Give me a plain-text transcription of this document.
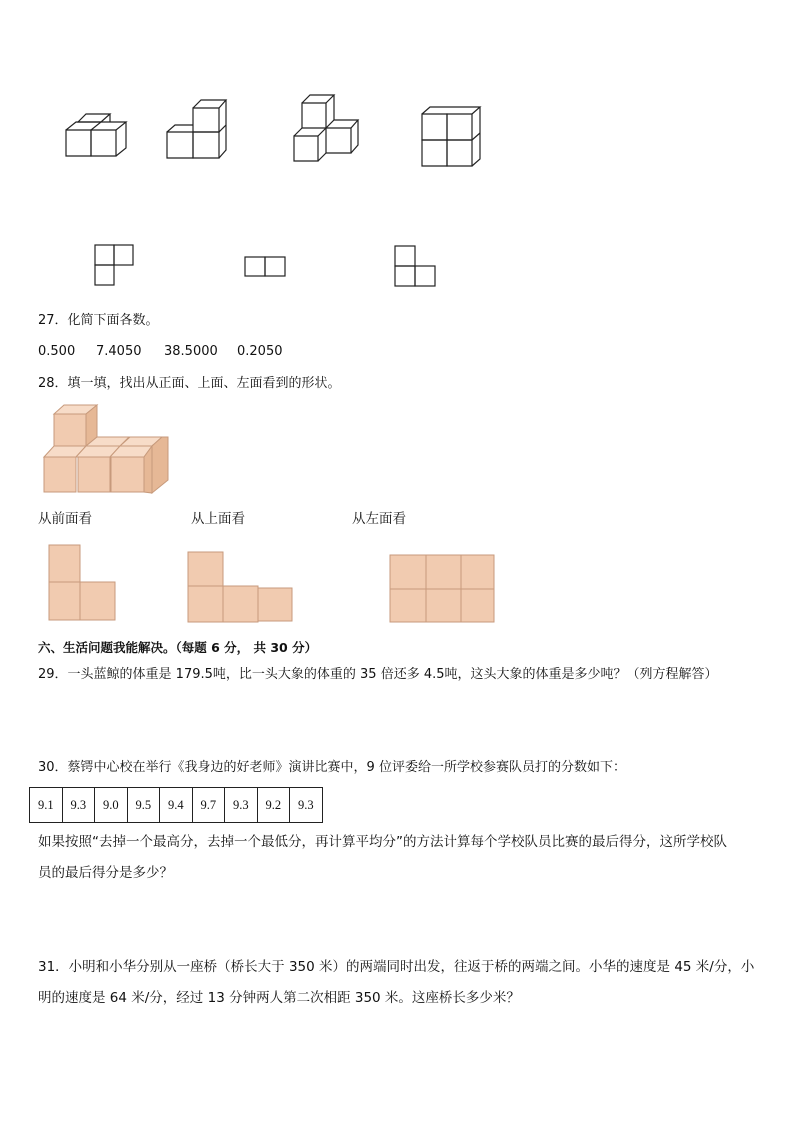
27．化简下面各数。
0.500 7.4050 38.5000 0.2050
28．填一填，找出从正面、上面、左面看到的形状。
从前面看	从上面看	从左面看
六、生活问题我能解决。（每题 6 分， 共 30 分）
29．一头蓝鲸的体重是 179.5吨，比一头大象的体重的 35 倍还多 4.5吨，这头大象的体重是多少吨？（列方程解答）
30．蔡锷中心校在举行《我身边的好老师》演讲比赛中，9 位评委给一所学校参赛队员打的分数如下：
9.1	9.3	9.0	9.5	9.4	9.7	9.3	9.2	9.3
如果按照“去掉一个最高分，去掉一个最低分，再计算平均分”的方法计算每个学校队员比赛的最后得分，这所学校队
员的最后得分是多少？
31．小明和小华分别从一座桥（桥长大于 350 米）的两端同时出发，往返于桥的两端之间。小华的速度是 45 米/分，小
明的速度是 64 米/分，经过 13 分钟两人第二次相距 350 米。这座桥长多少米？
